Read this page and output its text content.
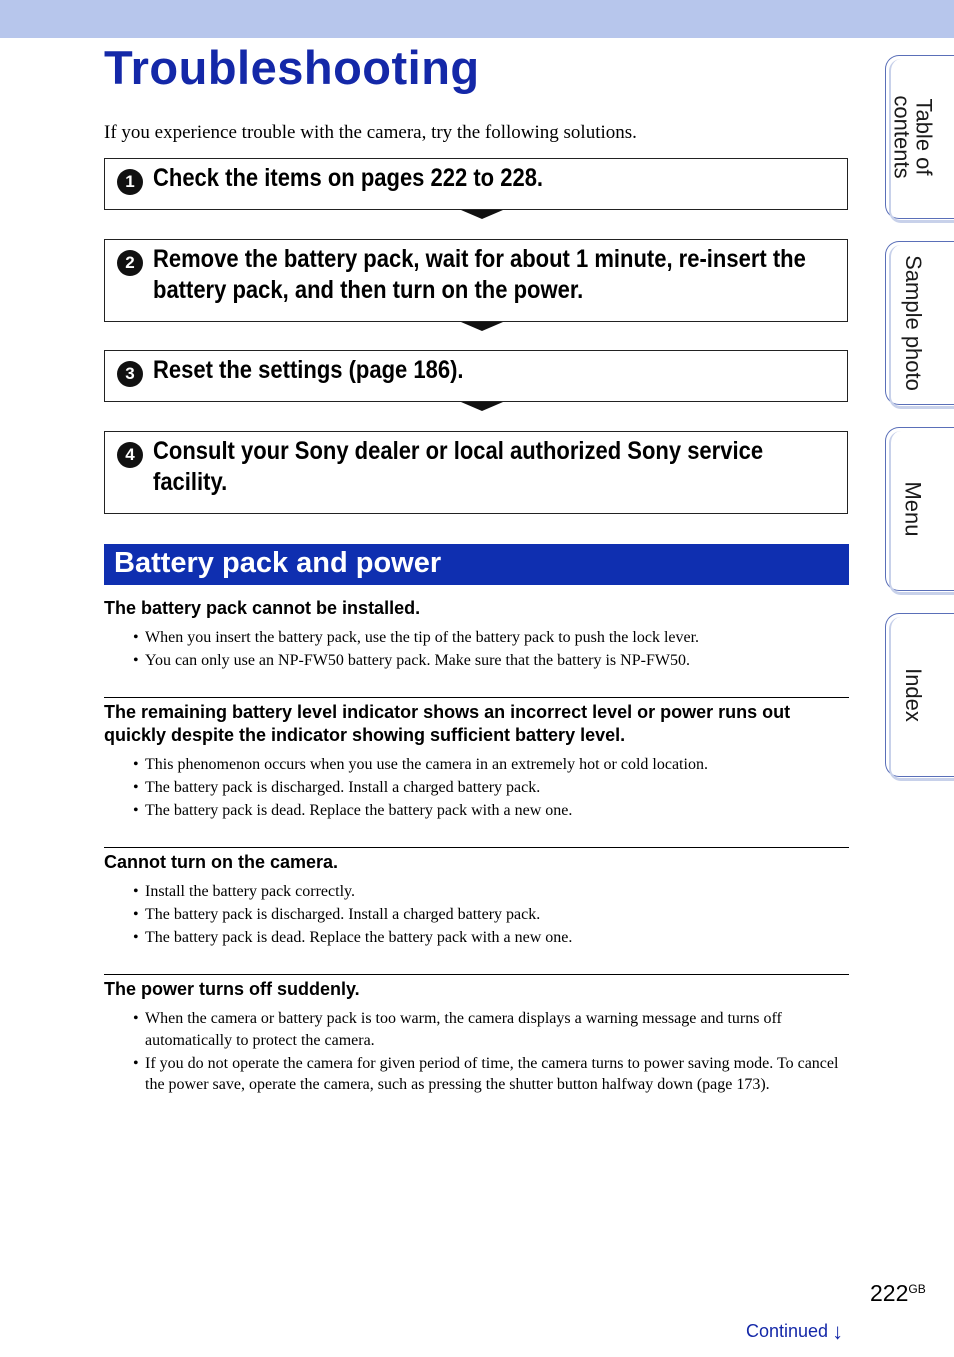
Troubleshooting

If you experience trouble with the camera, try the following solutions.

1 Check the items on pages 222 to 228.
2 Remove the battery pack, wait for about 1 minute, re-insert the battery pack, and then turn on the power.
3 Reset the settings (page 186).
4 Consult your Sony dealer or local authorized Sony service facility.
Battery pack and power
The battery pack cannot be installed.
• When you insert the battery pack, use the tip of the battery pack to push the lock lever.
• You can only use an NP-FW50 battery pack. Make sure that the battery is NP-FW50.
The remaining battery level indicator shows an incorrect level or power runs out quickly despite the indicator showing sufficient battery level.
• This phenomenon occurs when you use the camera in an extremely hot or cold location.
• The battery pack is discharged. Install a charged battery pack.
• The battery pack is dead. Replace the battery pack with a new one.
Cannot turn on the camera.
• Install the battery pack correctly.
• The battery pack is discharged. Install a charged battery pack.
• The battery pack is dead. Replace the battery pack with a new one.
The power turns off suddenly.
• When the camera or battery pack is too warm, the camera displays a warning message and turns off automatically to protect the camera.
• If you do not operate the camera for given period of time, the camera turns to power saving mode. To cancel the power save, operate the camera, such as pressing the shutter button halfway down (page 173).
Table of
contents
Sample photo
Menu
Index
$222^{GB}$
Continued ↓
